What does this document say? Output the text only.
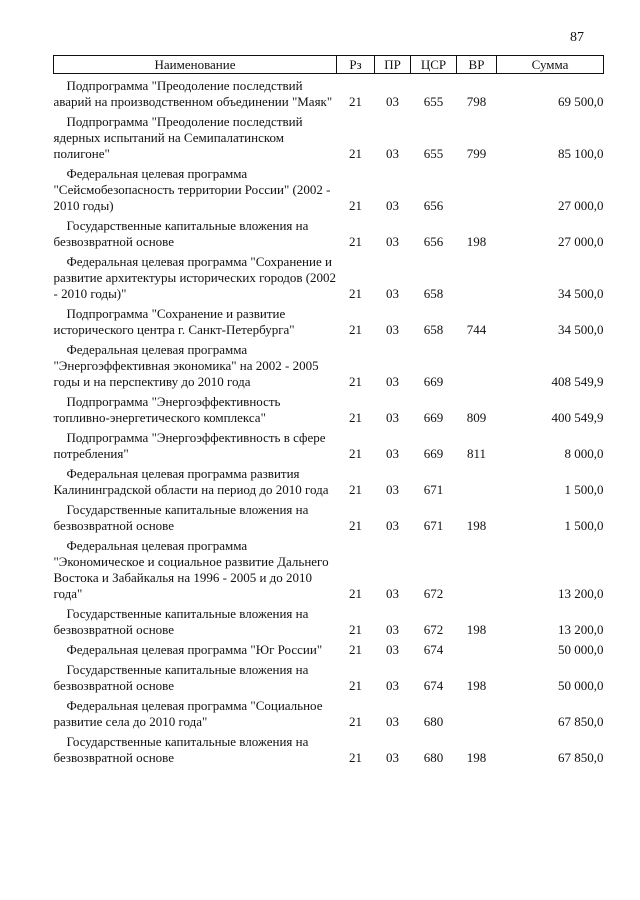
87
Наименование	Рз	ПР	ЦСР	ВР	Сумма
Подпрограмма "Преодоление последствий аварий на производственном объединении "Маяк"	21	03	655	798	69 500,0
Подпрограмма "Преодоление последствий ядерных испытаний на Семипалатинском полигоне"	21	03	655	799	85 100,0
Федеральная целевая программа "Сейсмобезопасность территории России" (2002 - 2010 годы)	21	03	656		27 000,0
Государственные капитальные вложения на безвозвратной основе	21	03	656	198	27 000,0
Федеральная целевая программа "Сохранение и развитие архитектуры исторических городов (2002 - 2010 годы)"	21	03	658		34 500,0
Подпрограмма "Сохранение и развитие исторического центра г. Санкт-Петербурга"	21	03	658	744	34 500,0
Федеральная целевая программа "Энергоэффективная экономика" на 2002 - 2005 годы и на перспективу до 2010 года	21	03	669		408 549,9
Подпрограмма "Энергоэффективность топливно-энергетического комплекса"	21	03	669	809	400 549,9
Подпрограмма "Энергоэффективность в сфере потребления"	21	03	669	811	8 000,0
Федеральная целевая программа развития Калининградской области на период до 2010 года	21	03	671		1 500,0
Государственные капитальные вложения на безвозвратной основе	21	03	671	198	1 500,0
Федеральная целевая программа "Экономическое и социальное развитие Дальнего Востока и Забайкалья на 1996 - 2005 и до 2010 года"	21	03	672		13 200,0
Государственные капитальные вложения на безвозвратной основе	21	03	672	198	13 200,0
Федеральная целевая программа "Юг России"	21	03	674		50 000,0
Государственные капитальные вложения на безвозвратной основе	21	03	674	198	50 000,0
Федеральная целевая программа "Социальное развитие села до 2010 года"	21	03	680		67 850,0
Государственные капитальные вложения на безвозвратной основе	21	03	680	198	67 850,0
